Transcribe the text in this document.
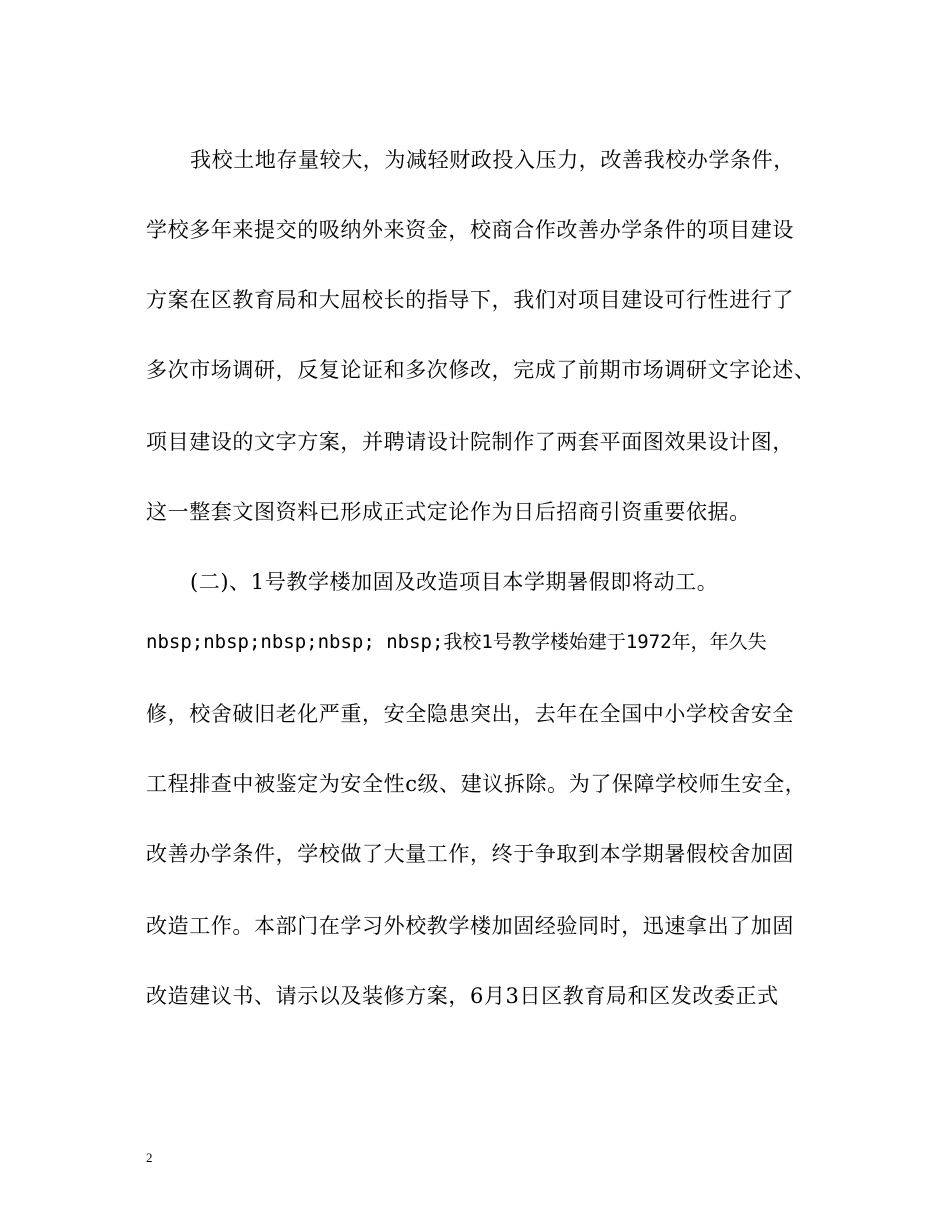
我校土地存量较大，为减轻财政投入压力，改善我校办学条件，
学校多年来提交的吸纳外来资金，校商合作改善办学条件的项目建设
方案在区教育局和大屈校长的指导下，我们对项目建设可行性进行了
多次市场调研，反复论证和多次修改，完成了前期市场调研文字论述、
项目建设的文字方案，并聘请设计院制作了两套平面图效果设计图，
这一整套文图资料已形成正式定论作为日后招商引资重要依据。
(二)、1号教学楼加固及改造项目本学期暑假即将动工。
nbsp;nbsp;nbsp;nbsp; nbsp;我校1号教学楼始建于1972年，年久失
修，校舍破旧老化严重，安全隐患突出，去年在全国中小学校舍安全
工程排查中被鉴定为安全性c级、建议拆除。为了保障学校师生安全，
改善办学条件，学校做了大量工作，终于争取到本学期暑假校舍加固
改造工作。本部门在学习外校教学楼加固经验同时，迅速拿出了加固
改造建议书、请示以及装修方案，6月3日区教育局和区发改委正式
2
